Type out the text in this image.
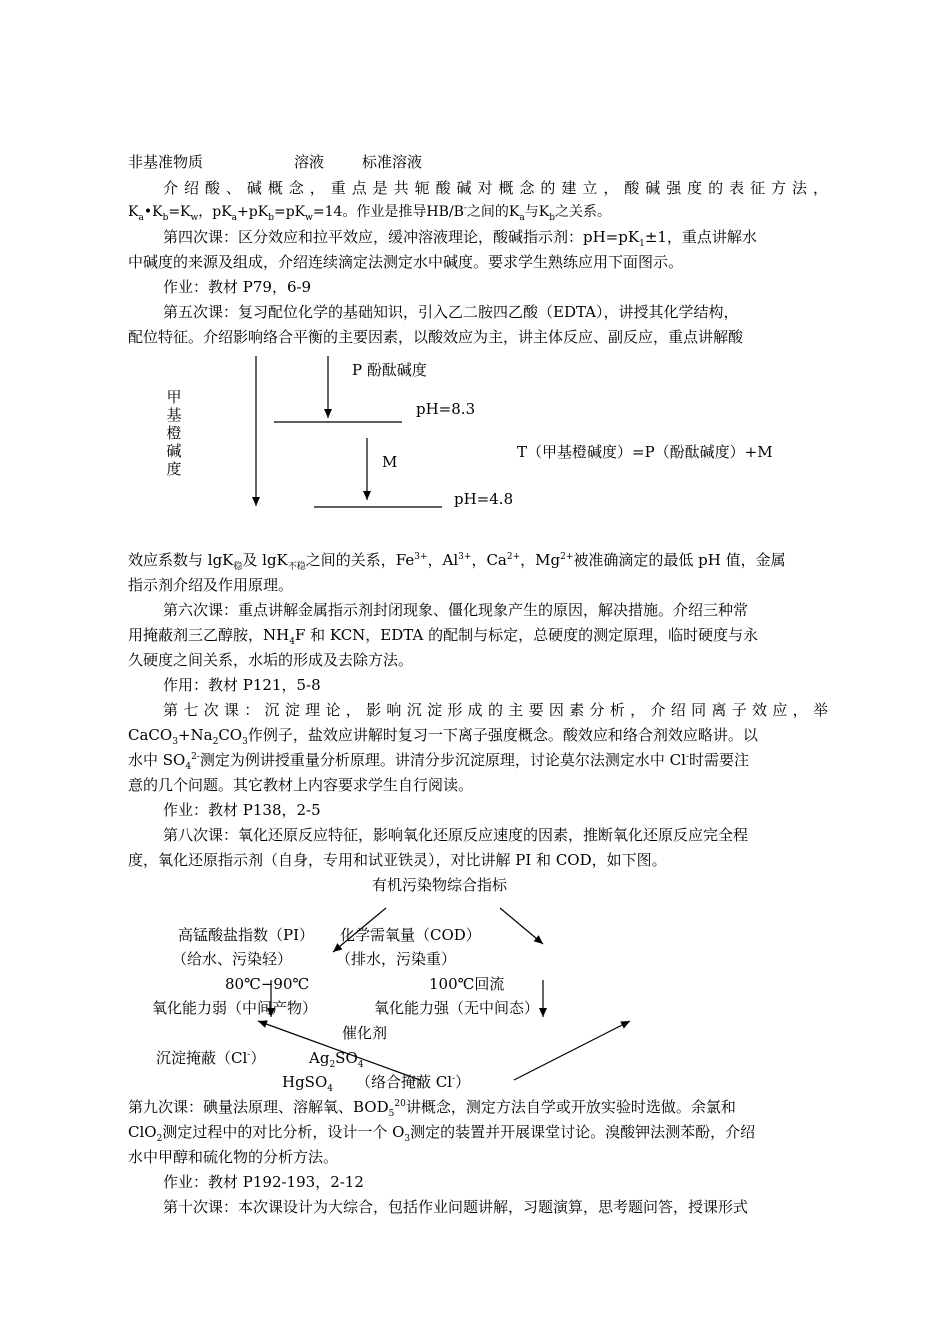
非基准物质	溶液	标准溶液
介绍酸、碱概念，重点是共轭酸碱对概念的建立，酸碱强度的表征方法，
$K_a•K_b=K_w$，$pK_a+pK_b=pK_w=14$。作业是推导HB/B-之间的$K_a$与$K_b$之关系。
第四次课：区分效应和拉平效应，缓冲溶液理论，酸碱指示剂：$pH=pK_1\pm 1$，重点讲解水
中碱度的来源及组成，介绍连续滴定法测定水中碱度。要求学生熟练应用下面图示。
作业：教材 P79，6-9
第五次课：复习配位化学的基础知识，引入乙二胺四乙酸（EDTA），讲授其化学结构，
配位特征。介绍影响络合平衡的主要因素，以酸效应为主，讲主体反应、副反应，重点讲解酸
甲基橙碱度
P 酚酞碱度
pH=8.3
M
pH=4.8
T（甲基橙碱度）=P（酚酞碱度）+M
效应系数与 lgK$_稳$及 lgK$_{不稳}$之间的关系，$Fe^{3+}$，$Al^{3+}$，$Ca^{2+}$，$Mg^{2+}$被准确滴定的最低 pH 值，金属
指示剂介绍及作用原理。
第六次课：重点讲解金属指示剂封闭现象、僵化现象产生的原因，解决措施。介绍三种常
用掩蔽剂三乙醇胺，$NH_4F$ 和 KCN，EDTA 的配制与标定，总硬度的测定原理，临时硬度与永
久硬度之间关系，水垢的形成及去除方法。
作用：教材 P121，5-8
第七次课：沉淀理论，影响沉淀形成的主要因素分析，介绍同离子效应，举
$CaCO_3+Na_2CO_3$作例子，盐效应讲解时复习一下离子强度概念。酸效应和络合剂效应略讲。以
水中 $SO_4^{2-}$测定为例讲授重量分析原理。讲清分步沉淀原理，讨论莫尔法测定水中 Cl-时需要注
意的几个问题。其它教材上内容要求学生自行阅读。
作业：教材 P138，2-5
第八次课：氧化还原反应特征，影响氧化还原反应速度的因素，推断氧化还原反应完全程
度，氧化还原指示剂（自身，专用和试亚铁灵），对比讲解 PI 和 COD，如下图。
有机污染物综合指标
高锰酸盐指数（PI） 化学需氧量（COD）
（给水、污染轻）	（排水，污染重）
80℃−90℃	100℃回流
氧化能力弱（中间产物）	氧化能力强（无中间态）
催化剂
沉淀掩蔽（Cl-）	$Ag_2SO_4$
HgSO$_4$ （络合掩蔽 Cl-）
第九次课：碘量法原理、溶解氧、$BOD_5^{20}$讲概念，测定方法自学或开放实验时选做。余氯和
ClO$_2$测定过程中的对比分析，设计一个 $O_3$测定的装置并开展课堂讨论。溴酸钾法测苯酚，介绍
水中甲醇和硫化物的分析方法。
作业：教材 P192-193，2-12
第十次课：本次课设计为大综合，包括作业问题讲解，习题演算，思考题问答，授课形式
